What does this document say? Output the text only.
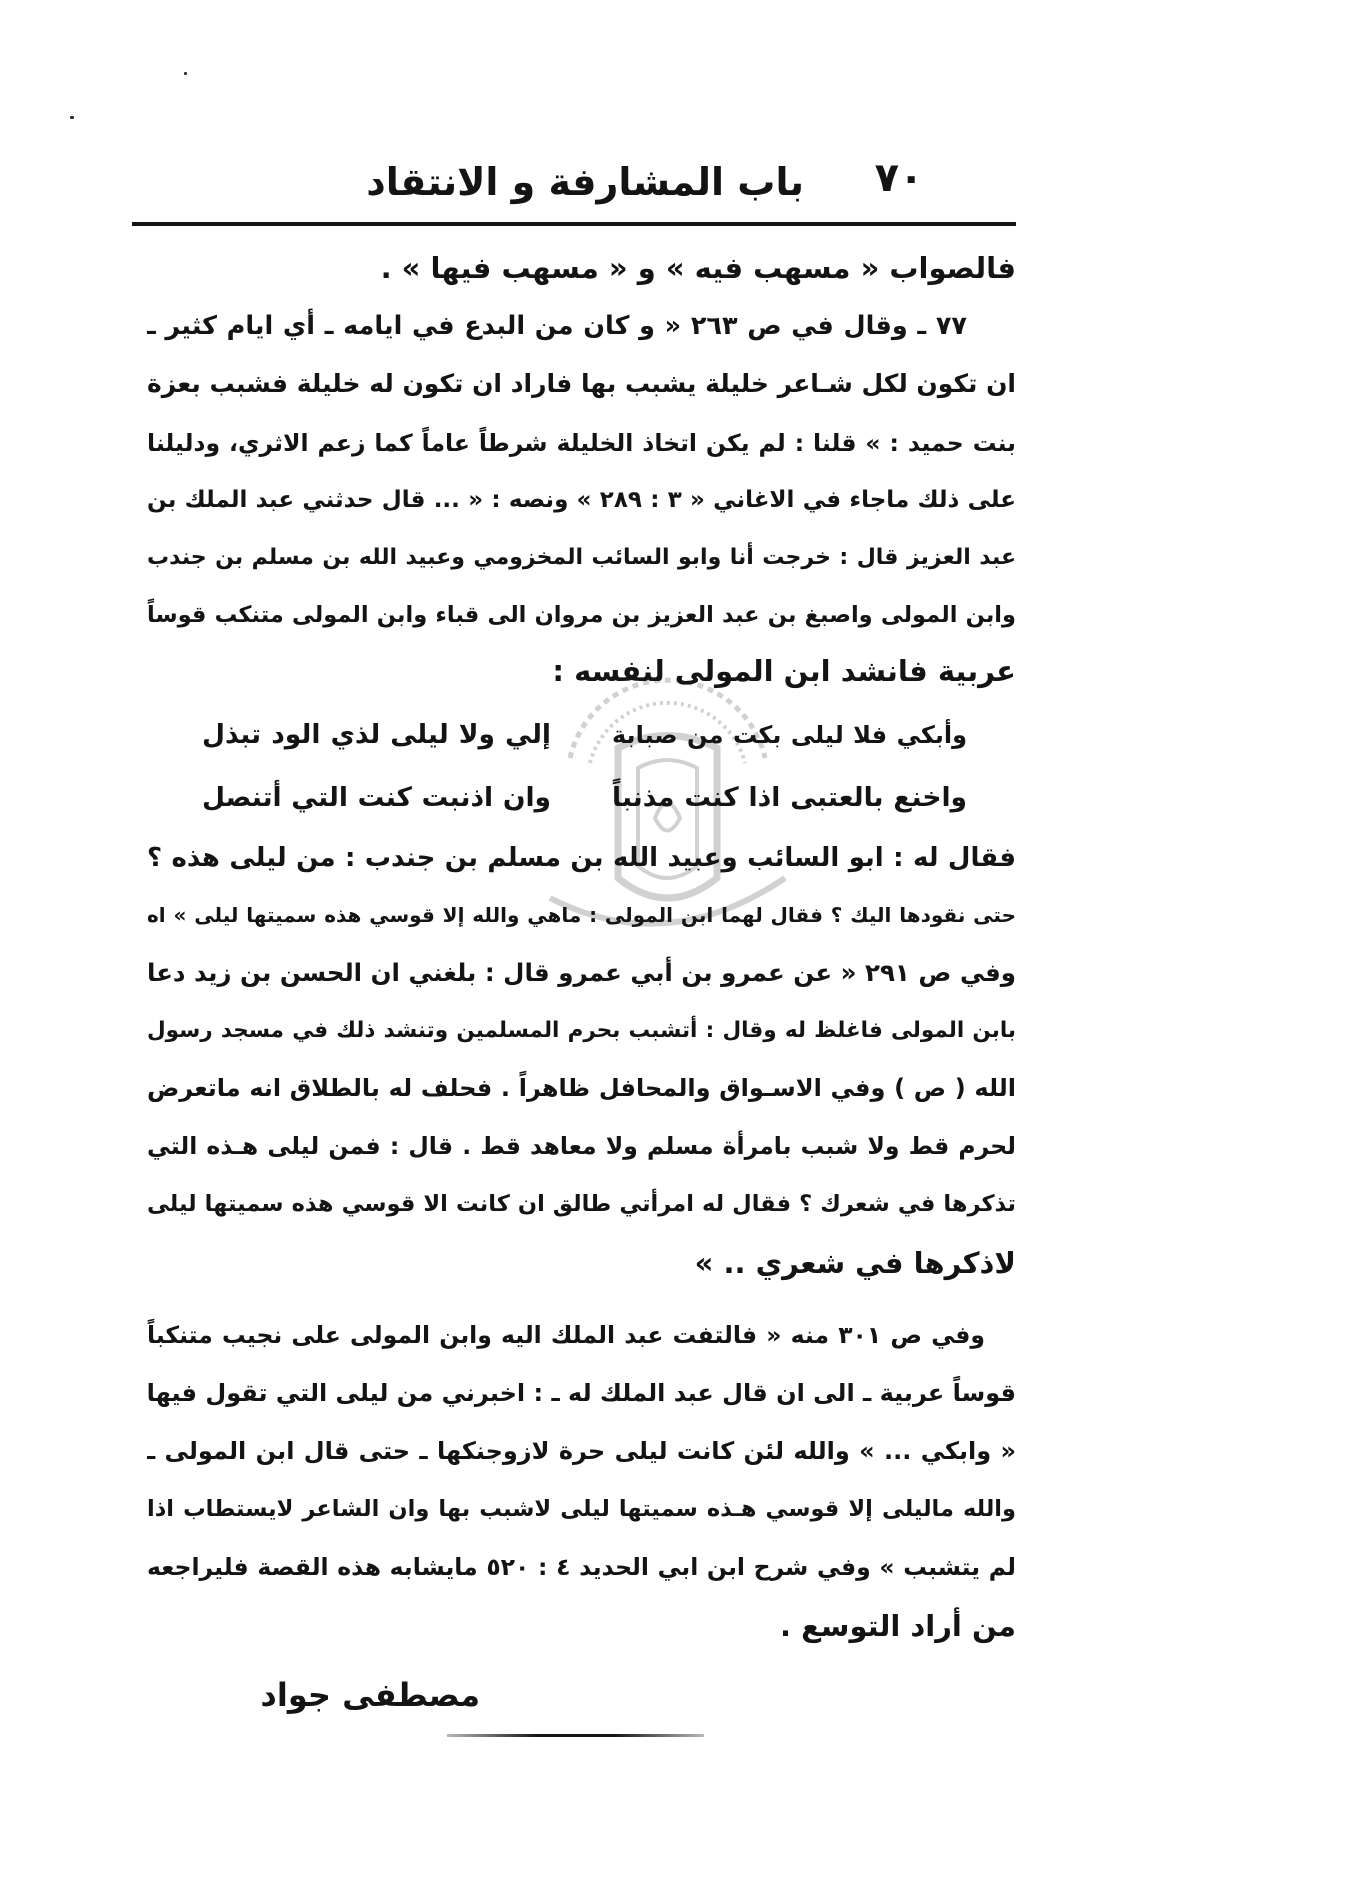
٧٠
باب المشارفة و الانتقاد
فالصواب « مسهب فيه » و « مسهب فيها » .
٧٧ ـ وقال في ص ٢٦٣ « و كان من البدع في ايامه ـ أي ايام كثير ـ
ان تكون لكل شـاعر خليلة يشبب بها فاراد ان تكون له خليلة فشبب بعزة
بنت حميد : » قلنا : لم يكن اتخاذ الخليلة شرطاً عاماً كما زعم الاثري، ودليلنا
على ذلك ماجاء في الاغاني « ٣ : ٢٨٩ » ونصه : « ... قال حدثني عبد الملك بن
عبد العزيز قال : خرجت أنا وابو السائب المخزومي وعبيد الله بن مسلم بن جندب
وابن المولى واصبغ بن عبد العزيز بن مروان الى قباء وابن المولى متنكب قوساً
عربية فانشد ابن المولى لنفسه :
وأبكي فلا ليلى بكت من صبابة
إلي ولا ليلى لذي الود تبذل
واخنع بالعتبى اذا كنت مذنباً
وان اذنبت كنت التي أتنصل
فقال له : ابو السائب وعبيد الله بن مسلم بن جندب : من ليلى هذه ؟
حتى نقودها اليك ؟ فقال لهما ابن المولى : ماهي والله إلا قوسي هذه سميتها ليلى » اه
وفي ص ٢٩١ « عن عمرو بن أبي عمرو قال : بلغني ان الحسن بن زيد دعا
بابن المولى فاغلظ له وقال : أتشبب بحرم المسلمين وتنشد ذلك في مسجد رسول
الله ( ص ) وفي الاسـواق والمحافل ظاهراً . فحلف له بالطلاق انه ماتعرض
لحرم قط ولا شبب بامرأة مسلم ولا معاهد قط . قال : فمن ليلى هـذه التي
تذكرها في شعرك ؟ فقال له امرأتي طالق ان كانت الا قوسي هذه سميتها ليلى
لاذكرها في شعري .. »
وفي ص ٣٠١ منه « فالتفت عبد الملك اليه وابن المولى على نجيب متنكباً
قوساً عربية ـ الى ان قال عبد الملك له ـ : اخبرني من ليلى التي تقول فيها
« وابكي ... » والله لئن كانت ليلى حرة لازوجنكها ـ حتى قال ابن المولى ـ
والله ماليلى إلا قوسي هـذه سميتها ليلى لاشبب بها وان الشاعر لايستطاب اذا
لم يتشبب » وفي شرح ابن ابي الحديد ٤ : ٥٢٠ مايشابه هذه القصة فليراجعه
من أراد التوسع .
مصطفى جواد
